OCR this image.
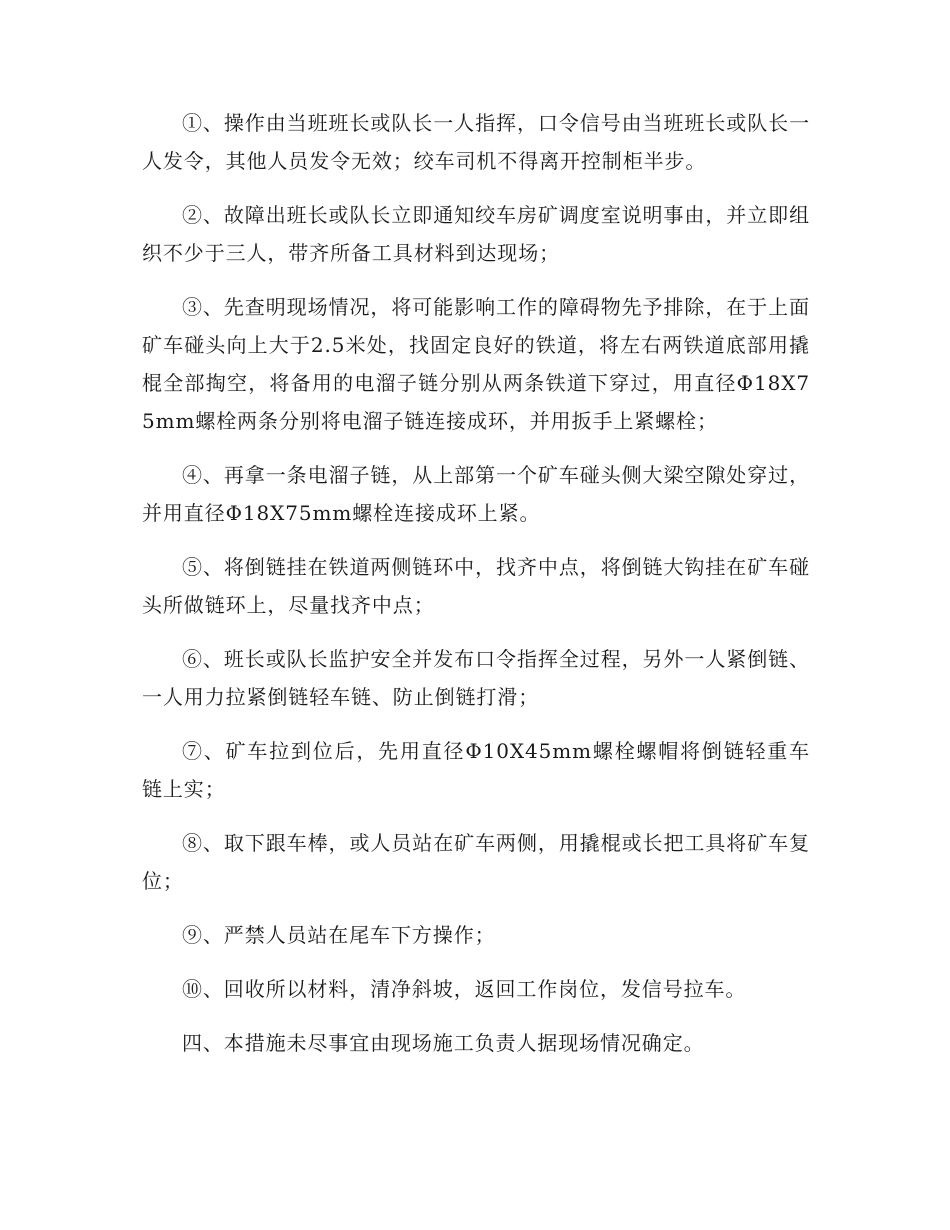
①、操作由当班班长或队长一人指挥，口令信号由当班班长或队长一人发令，其他人员发令无效；绞车司机不得离开控制柜半步。

②、故障出班长或队长立即通知绞车房矿调度室说明事由，并立即组织不少于三人，带齐所备工具材料到达现场；

③、先查明现场情况，将可能影响工作的障碍物先予排除，在于上面矿车碰头向上大于2.5米处，找固定良好的铁道，将左右两铁道底部用撬棍全部掏空，将备用的电溜子链分别从两条铁道下穿过，用直径Φ18X75mm螺栓两条分别将电溜子链连接成环，并用扳手上紧螺栓；

④、再拿一条电溜子链，从上部第一个矿车碰头侧大梁空隙处穿过，并用直径Φ18X75mm螺栓连接成环上紧。

⑤、将倒链挂在铁道两侧链环中，找齐中点，将倒链大钩挂在矿车碰头所做链环上，尽量找齐中点；

⑥、班长或队长监护安全并发布口令指挥全过程，另外一人紧倒链、一人用力拉紧倒链轻车链、防止倒链打滑；

⑦、矿车拉到位后，先用直径Φ10X45mm螺栓螺帽将倒链轻重车链上实；

⑧、取下跟车棒，或人员站在矿车两侧，用撬棍或长把工具将矿车复位；

⑨、严禁人员站在尾车下方操作；

⑩、回收所以材料，清净斜坡，返回工作岗位，发信号拉车。

四、本措施未尽事宜由现场施工负责人据现场情况确定。
